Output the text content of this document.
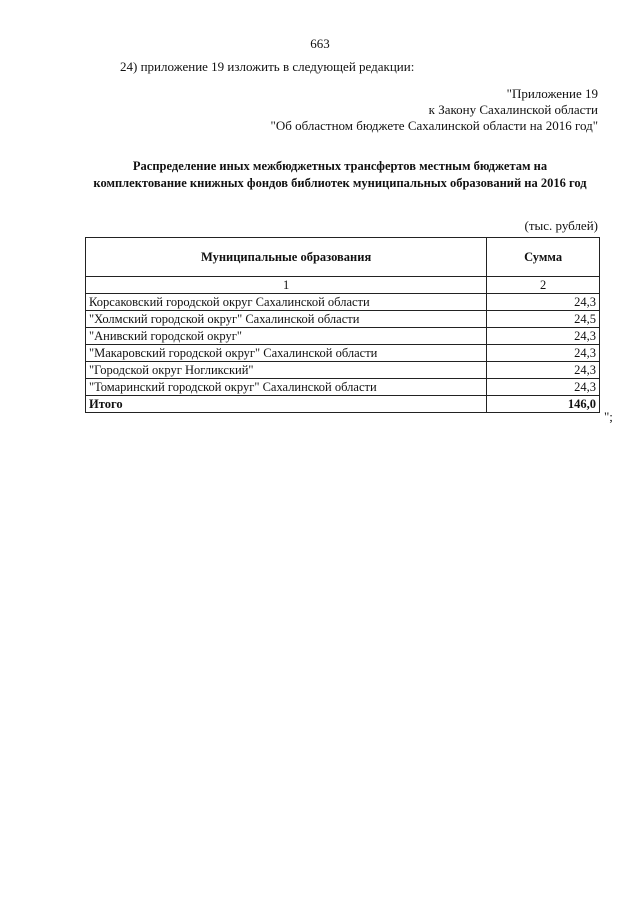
663
24) приложение 19 изложить в следующей редакции:
"Приложение 19
к Закону Сахалинской области
"Об областном бюджете Сахалинской области на 2016 год"
Распределение иных межбюджетных трансфертов местным бюджетам на
комплектование книжных фондов библиотек муниципальных образований на 2016 год
(тыс. рублей)
Муниципальные образования	Сумма
1	2
Корсаковский городской округ Сахалинской области	24,3
"Холмский городской округ" Сахалинской области	24,5
"Анивский городской округ"	24,3
"Макаровский городской округ" Сахалинской области	24,3
"Городской округ Ногликский"	24,3
"Томаринский городской округ" Сахалинской области	24,3
Итого	146,0
";
